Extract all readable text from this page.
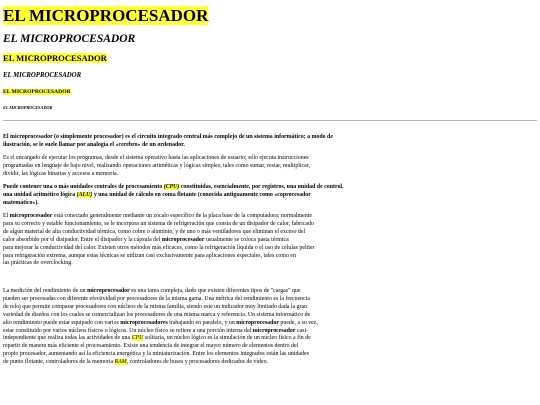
EL MICROPROCESADOR

EL MICROPROCESADOR

EL MICROPROCESADOR

EL MICROPROCESADOR

EL MICROPROCESADOR

EL MICROPROCESADOR

El microprocesador (o simplemente procesador) es el circuito integrado central más complejo de un sistema informático; a modo de
ilustración, se le suele llamar por analogía el «cerebro» de un ordenador.
Es el encargado de ejecutar los programas, desde el sistema operativo hasta las aplicaciones de usuario; sólo ejecuta instrucciones
programadas en lenguaje de bajo nivel, realizando operaciones aritméticas y lógicas simples, tales como sumar, restar, multiplicar,
dividir, las lógicas binarias y accesos a memoria.
Puede contener una o más unidades centrales de procesamiento (CPU) constituidas, esencialmente, por registros, una unidad de control,
una unidad aritmético lógica (ALU) y una unidad de cálculo en coma flotante (conocida antiguamente como «coprocesador
matemático»).
El microprocesador está conectado generalmente mediante un zócalo específico de la placa base de la computadora; normalmente
para su correcto y estable funcionamiento, se le incorpora un sistema de refrigeración que consta de un disipador de calor, fabricado
de algún material de alta conductividad térmica, como cobre o aluminio, y de uno o más ventiladores que eliminan el exceso del
calor absorbido por el disipador. Entre el disipador y la cápsula del microprocesador usualmente se coloca pasta térmica
para mejorar la conductividad del calor. Existen otros métodos más eficaces, como la refrigeración líquida o el uso de células peltier
para refrigeración extrema, aunque estas técnicas se utilizan casi exclusivamente para aplicaciones especiales, tales como en
las prácticas de overclocking.
La medición del rendimiento de un microprocesador es una tarea compleja, dado que existen diferentes tipos de "cargas" que
pueden ser procesadas con diferente efectividad por procesadores de la misma gama. Una métrica del rendimiento es la frecuencia
de reloj que permite comparar procesadores con núcleos de la misma familia, siendo este un indicador muy limitado dada la gran
variedad de diseños con los cuales se comercializan los procesadores de una misma marca y referencia. Un sistema informático de
alto rendimiento puede estar equipado con varios microprocesadores trabajando en paralelo, y un microprocesador puede, a su vez,
estar constituido por varios núcleos físicos o lógicos. Un núcleo físico se refiere a una porción interna del microprocesador casi-
independiente que realiza todas las actividades de una CPU solitaria, un núcleo lógico es la simulación de un núcleo físico a fin de
repartir de manera más eficiente el procesamiento. Existe una tendencia de integrar el mayor número de elementos dentro del
propio procesador, aumentando así la eficiencia energética y la miniaturización. Entre los elementos integrados están las unidades
de punto flotante, controladores de la memoria RAM, controladores de buses y procesadores dedicados de vídeo.
